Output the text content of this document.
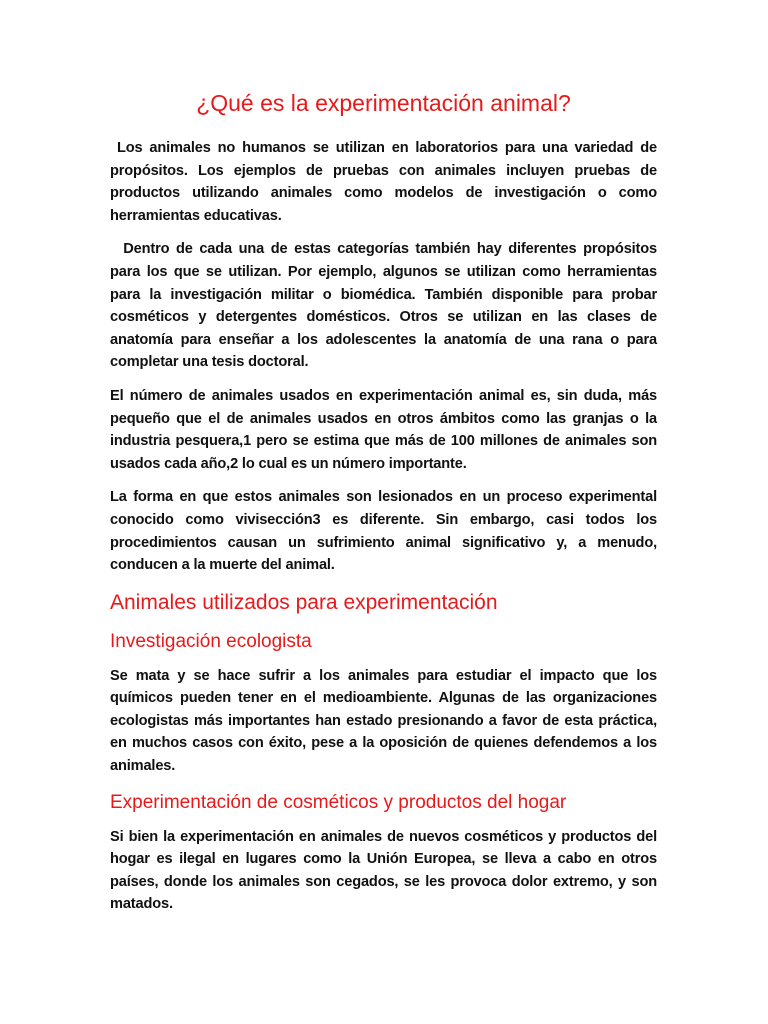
¿Qué es la experimentación animal?

Los animales no humanos se utilizan en laboratorios para una variedad de propósitos. Los ejemplos de pruebas con animales incluyen pruebas de productos utilizando animales como modelos de investigación o como herramientas educativas.

Dentro de cada una de estas categorías también hay diferentes propósitos para los que se utilizan. Por ejemplo, algunos se utilizan como herramientas para la investigación militar o biomédica. También disponible para probar cosméticos y detergentes domésticos. Otros se utilizan en las clases de anatomía para enseñar a los adolescentes la anatomía de una rana o para completar una tesis doctoral.

El número de animales usados en experimentación animal es, sin duda, más pequeño que el de animales usados en otros ámbitos como las granjas o la industria pesquera,1 pero se estima que más de 100 millones de animales son usados cada año,2 lo cual es un número importante.

La forma en que estos animales son lesionados en un proceso experimental conocido como vivisección3 es diferente. Sin embargo, casi todos los procedimientos causan un sufrimiento animal significativo y, a menudo, conducen a la muerte del animal.

Animales utilizados para experimentación
Investigación ecologista

Se mata y se hace sufrir a los animales para estudiar el impacto que los químicos pueden tener en el medioambiente. Algunas de las organizaciones ecologistas más importantes han estado presionando a favor de esta práctica, en muchos casos con éxito, pese a la oposición de quienes defendemos a los animales.

Experimentación de cosméticos y productos del hogar

Si bien la experimentación en animales de nuevos cosméticos y productos del hogar es ilegal en lugares como la Unión Europea, se lleva a cabo en otros países, donde los animales son cegados, se les provoca dolor extremo, y son matados.
